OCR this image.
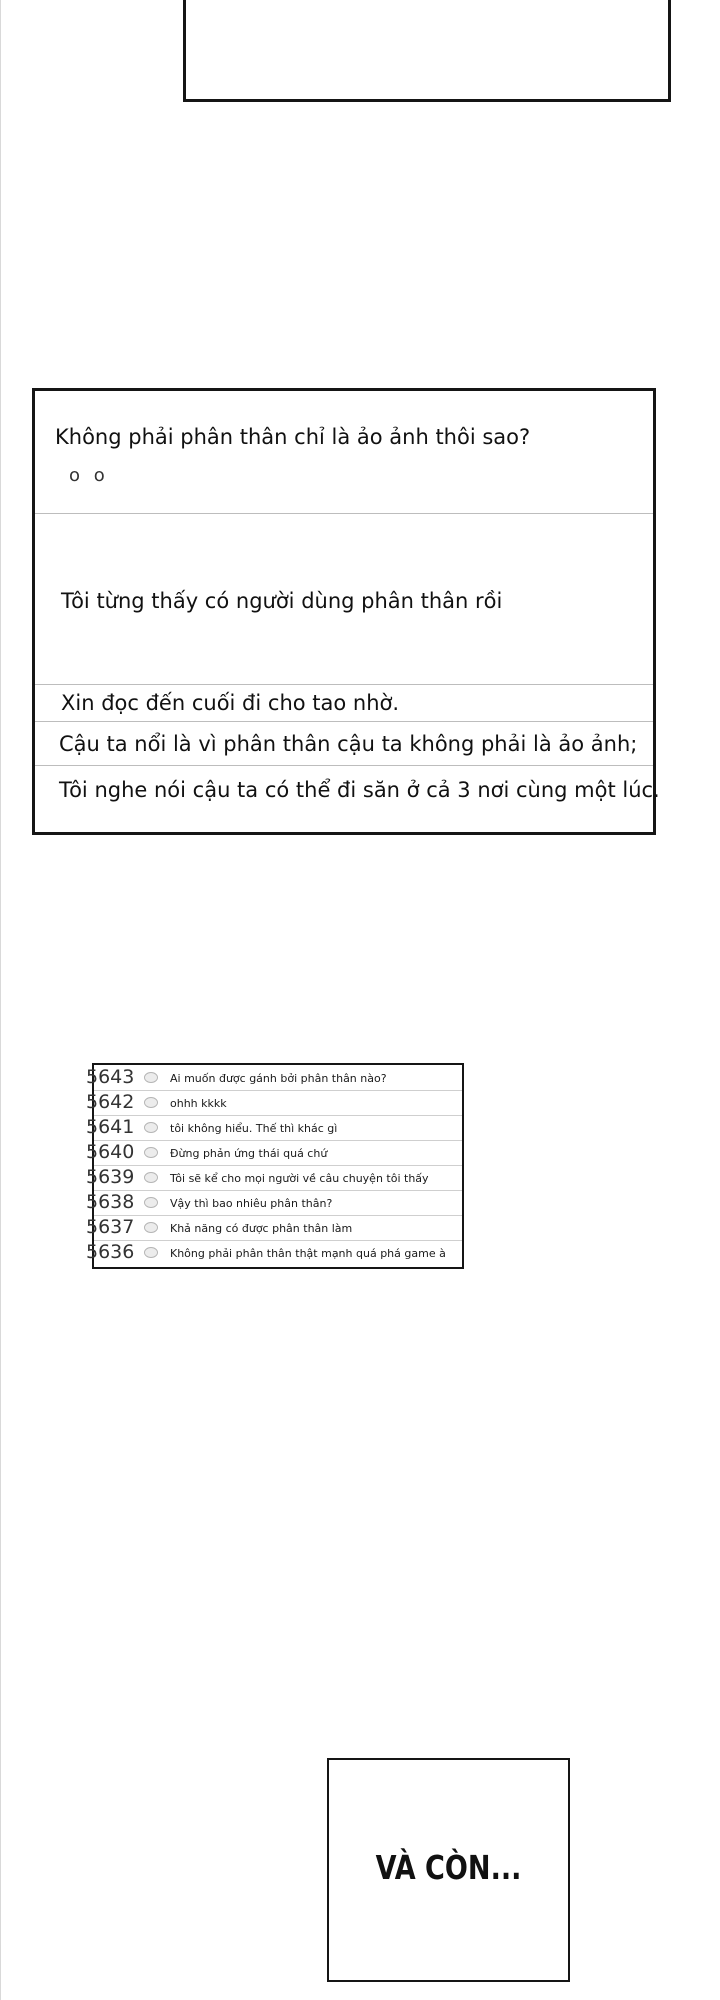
Không phải phân thân chỉ là ảo ảnh thôi sao?
o o
Tôi từng thấy có người dùng phân thân rồi
Xin đọc đến cuối đi cho tao nhờ.
Cậu ta nổi là vì phân thân cậu ta không phải là ảo ảnh;
Tôi nghe nói cậu ta có thể đi săn ở cả 3 nơi cùng một lúc.
5643	Ai muốn được gánh bởi phân thân nào?
5642	ohhh kkkk
5641	tôi không hiểu. Thế thì khác gì
5640	Đừng phản ứng thái quá chứ
5639	Tôi sẽ kể cho mọi người về câu chuyện tôi thấy
5638	Vậy thì bao nhiêu phân thân?
5637	Khả năng có được phân thân làm
5636	Không phải phân thân thật mạnh quá phá game à
VÀ CÒN...
